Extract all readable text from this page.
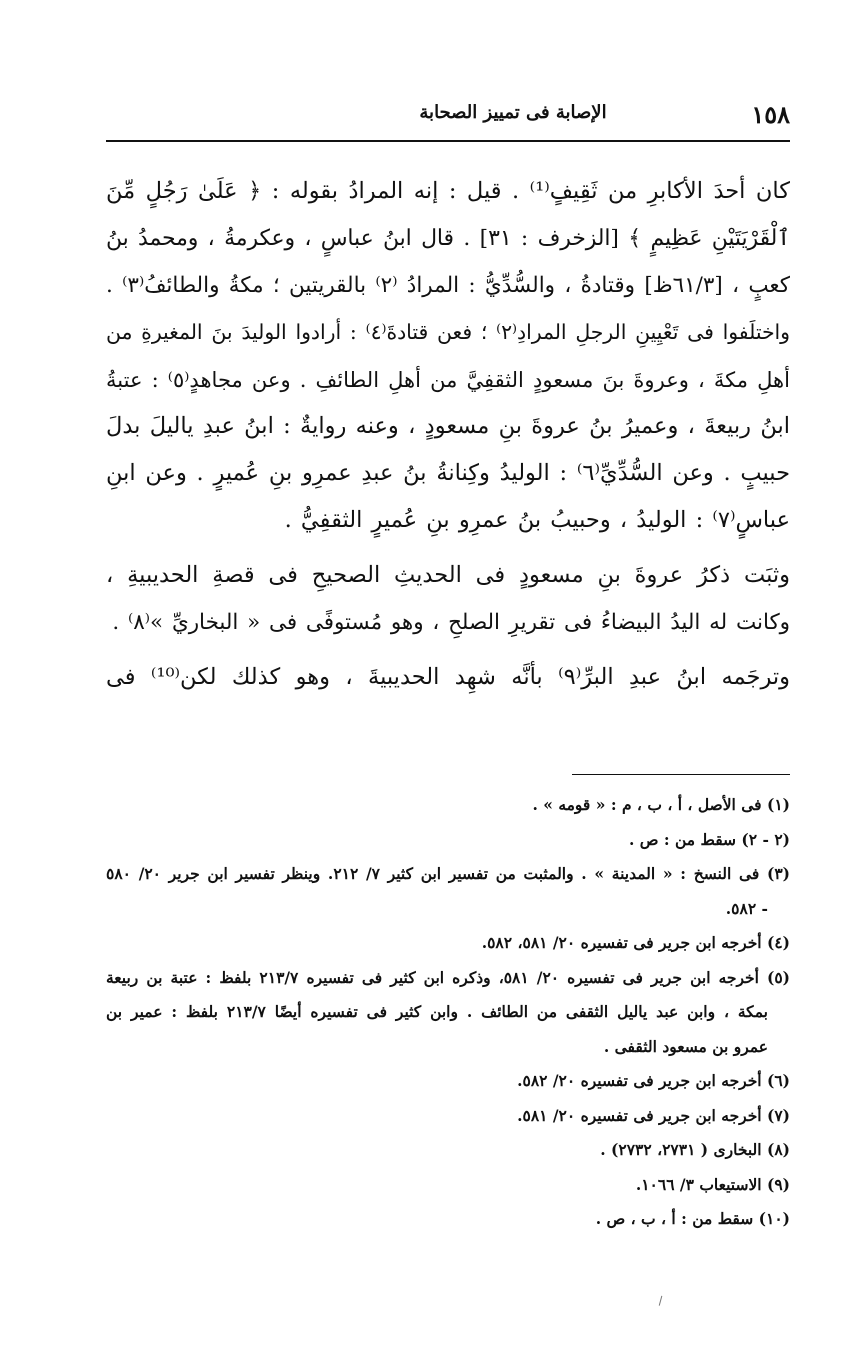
١٥٨
الإصابة فى تمييز الصحابة

كان أحدَ الأكابرِ من ثَقِيفٍ⁽¹⁾ . قيل : إنه المرادُ بقوله : ﴿ عَلَىٰ رَجُلٍ مِّنَ
ٱلْقَرْيَتَيْنِ عَظِيمٍ ﴾ [الزخرف : ٣١] . قال ابنُ عباسٍ ، وعكرمةُ ، ومحمدُ بنُ
كعبٍ ، [٦١/٣ظ] وقتادةُ ، والسُّدِّيُّ : المرادُ ⁽٢⁾ بالقريتين ؛ مكةُ والطائفُ⁽٣⁾ .
واختلَفوا فى تَعْيِينِ الرجلِ المرادِ⁽٢⁾ ؛ فعن قتادةَ⁽٤⁾ : أرادوا الوليدَ بنَ المغيرةِ من
أهلِ مكةَ ، وعروةَ بنَ مسعودٍ الثقفِيَّ من أهلِ الطائفِ . وعن مجاهدٍ⁽٥⁾ : عتبةُ
ابنُ ربيعةَ ، وعميرُ بنُ عروةَ بنِ مسعودٍ ، وعنه روايةٌ : ابنُ عبدِ ياليلَ بدلَ
حبيبٍ . وعن السُّدِّيِّ⁽٦⁾ : الوليدُ وكِنانةُ بنُ عبدِ عمرِو بنِ عُميرٍ . وعن ابنِ
عباسٍ⁽٧⁾ : الوليدُ ، وحبيبُ بنُ عمرِو بنِ عُميرٍ الثقفِيُّ .

وثبَت ذكرُ عروةَ بنِ مسعودٍ فى الحديثِ الصحيحِ فى قصةِ الحديبيةِ ،
وكانت له اليدُ البيضاءُ فى تقريرِ الصلحِ ، وهو مُستوفًى فى « البخاريِّ »⁽٨⁾ .

وترجَمه ابنُ عبدِ البرِّ⁽٩⁾ بأنَّه شهِد الحديبيةَ ، وهو كذلك لكن⁽¹⁰⁾ فى

(١) فى الأصل ، أ ، ب ، م : « قومه » .
(٢ - ٢) سقط من : ص .
(٣) فى النسخ : « المدينة » . والمثبت من تفسير ابن كثير ٧/ ٢١٢. وينظر تفسير ابن جرير ٢٠/ ٥٨٠
- ٥٨٢.
(٤) أخرجه ابن جرير فى تفسيره ٢٠/ ٥٨١، ٥٨٢.
(٥) أخرجه ابن جرير فى تفسيره ٢٠/ ٥٨١، وذكره ابن كثير فى تفسيره ٢١٣/٧ بلفظ : عتبة بن ربيعة
بمكة ، وابن عبد ياليل الثقفى من الطائف . وابن كثير فى تفسيره أيضًا ٢١٣/٧ بلفظ : عمير بن
عمرو بن مسعود الثقفى .
(٦) أخرجه ابن جرير فى تفسيره ٢٠/ ٥٨٢.
(٧) أخرجه ابن جرير فى تفسيره ٢٠/ ٥٨١.
(٨) البخارى ( ٢٧٣١، ٢٧٣٢) .
(٩) الاستيعاب ٣/ ١٠٦٦.
(١٠) سقط من : أ ، ب ، ص .
